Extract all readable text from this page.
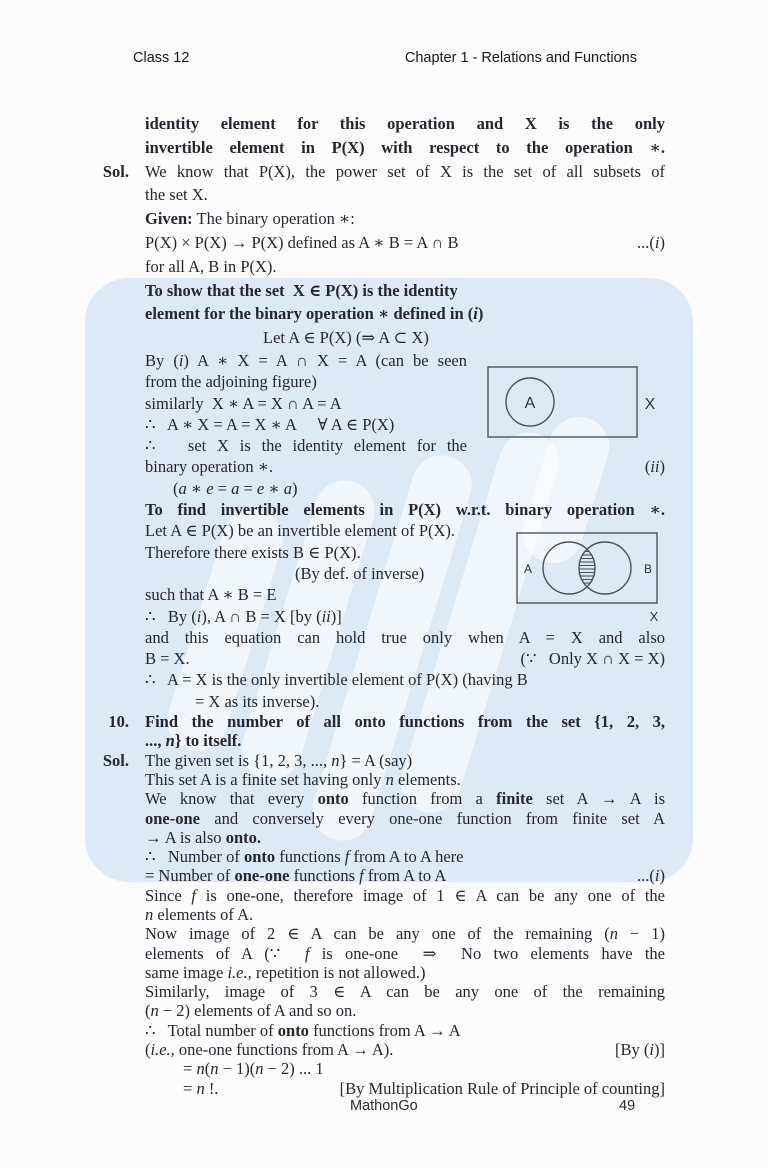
Class 12	Chapter 1 - Relations and Functions
identity element for this operation and X is the only
invertible element in P(X) with respect to the operation ∗.
Sol. We know that P(X), the power set of X is the set of all subsets of
the set X.
Given: The binary operation ∗:
P(X) × P(X) → P(X) defined as A ∗ B = A ∩ B	...(i)
for all A, B in P(X).
To show that the set  X ∈ P(X) is the identity
element for the binary operation ∗ defined in (i)
Let A ∈ P(X) (⇒ A ⊂ X)
By (i) A ∗ X = A ∩ X = A (can be seen
from the adjoining figure)
similarly  X ∗ A = X ∩ A = A
∴   A ∗ X = A = X ∗ A     ∀ A ∈ P(X)
∴   set X is the identity element for the
binary operation ∗.	(ii)
(a ∗ e = a = e ∗ a)
To find invertible elements in P(X) w.r.t. binary operation ∗.
Let A ∈ P(X) be an invertible element of P(X).
Therefore there exists B ∈ P(X).
(By def. of inverse)
such that A ∗ B = E
∴   By (i), A ∩ B = X [by (ii)]
and this equation can hold true only when A = X and also
B = X.	(∵   Only X ∩ X = X)
∴   A = X is the only invertible element of P(X) (having B
= X as its inverse).
10. Find the number of all onto functions from the set {1, 2, 3,
..., n} to itself.
Sol. The given set is {1, 2, 3, ..., n} = A (say)
This set A is a finite set having only n elements.
We know that every onto function from a finite set A → A is
one-one and conversely every one-one function from finite set A
→ A is also onto.
∴   Number of onto functions f from A to A here
= Number of one-one functions f from A to A	...(i)
Since f is one-one, therefore image of 1 ∈ A can be any one of the
n elements of A.
Now image of 2 ∈ A can be any one of the remaining (n − 1)
elements of A (∵  f is one-one  ⇒  No two elements have the
same image i.e., repetition is not allowed.)
Similarly, image of 3 ∈ A can be any one of the remaining
(n − 2) elements of A and so on.
∴   Total number of onto functions from A → A
(i.e., one-one functions from A → A).	[By (i)]
= n(n − 1)(n − 2) ... 1
= n !.	[By Multiplication Rule of Principle of counting]
A	X
A	B
X
MathonGo	49
